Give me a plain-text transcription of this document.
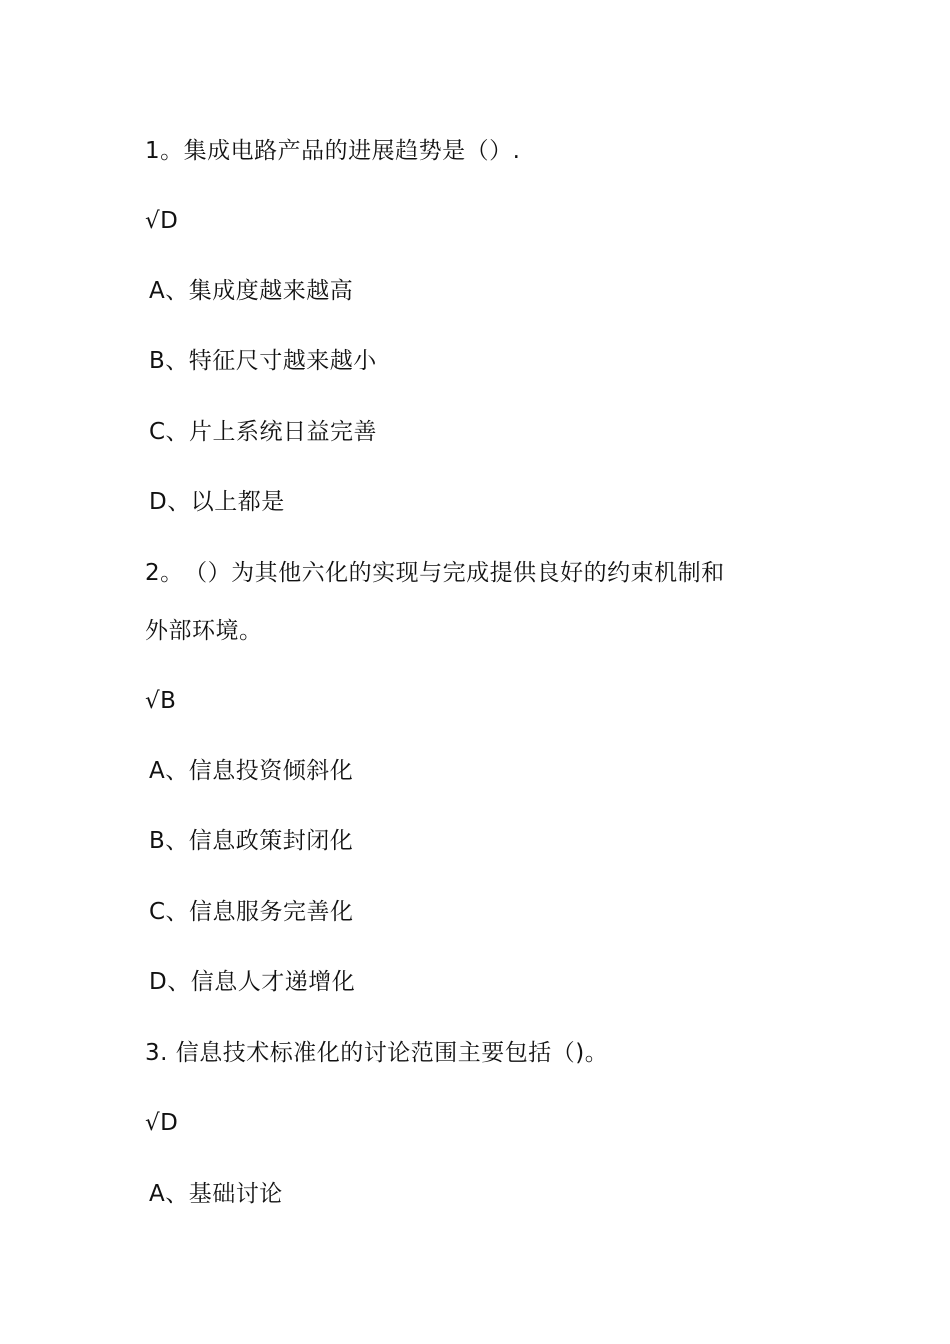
1。集成电路产品的进展趋势是（）.
√D
A、集成度越来越高
B、特征尺寸越来越小
C、片上系统日益完善
D、以上都是
2。　（）为其他六化的实现与完成提供良好的约束机制和
外部环境。
√B
A、信息投资倾斜化
B、信息政策封闭化
C、信息服务完善化
D、信息人才递增化
3. 信息技术标准化的讨论范围主要包括（)。
√D
A、基础讨论
